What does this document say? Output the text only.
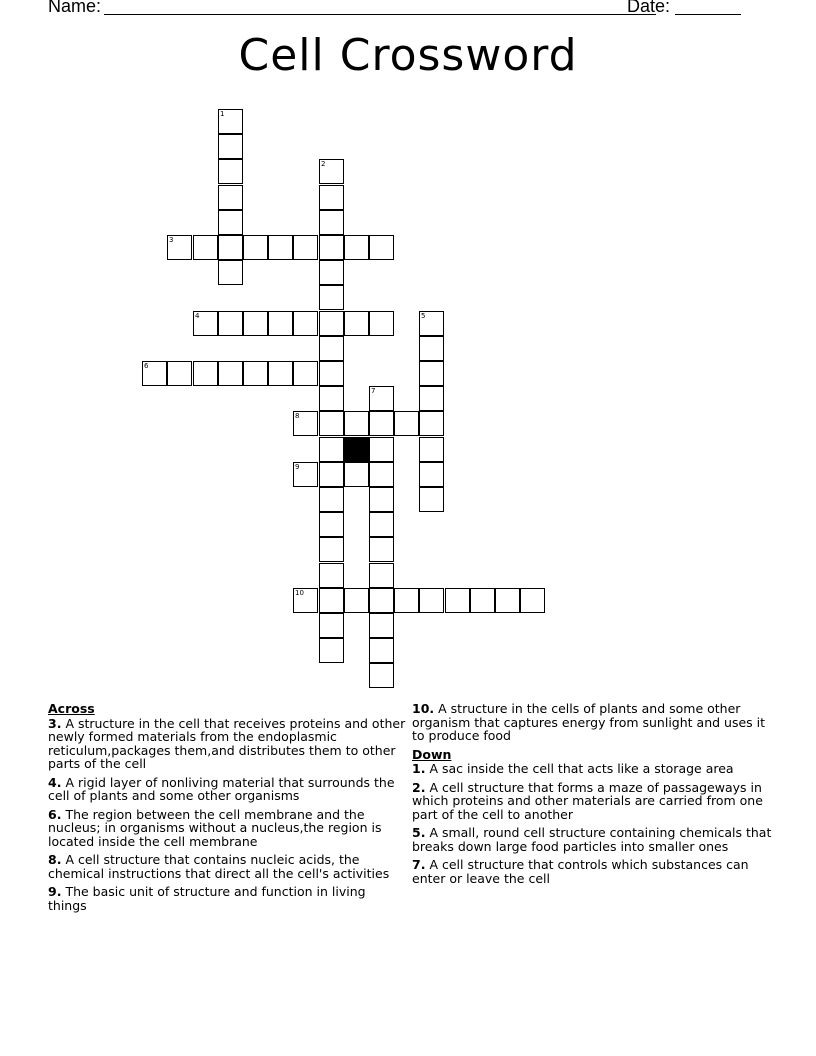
Name:	Date:
Cell Crossword
1
2
3
4	5
6
7
8
9
10
Across
3. A structure in the cell that receives proteins and other newly formed materials from the endoplasmic reticulum,packages them,and distributes them to other parts of the cell
4. A rigid layer of nonliving material that surrounds the cell of plants and some other organisms
6. The region between the cell membrane and the nucleus; in organisms without a nucleus,the region is located inside the cell membrane
8. A cell structure that contains nucleic acids, the chemical instructions that direct all the cell's activities
9. The basic unit of structure and function in living things
10. A structure in the cells of plants and some other organism that captures energy from sunlight and uses it to produce food
Down
1. A sac inside the cell that acts like a storage area
2. A cell structure that forms a maze of passageways in which proteins and other materials are carried from one part of the cell to another
5. A small, round cell structure containing chemicals that breaks down large food particles into smaller ones
7. A cell structure that controls which substances can enter or leave the cell
